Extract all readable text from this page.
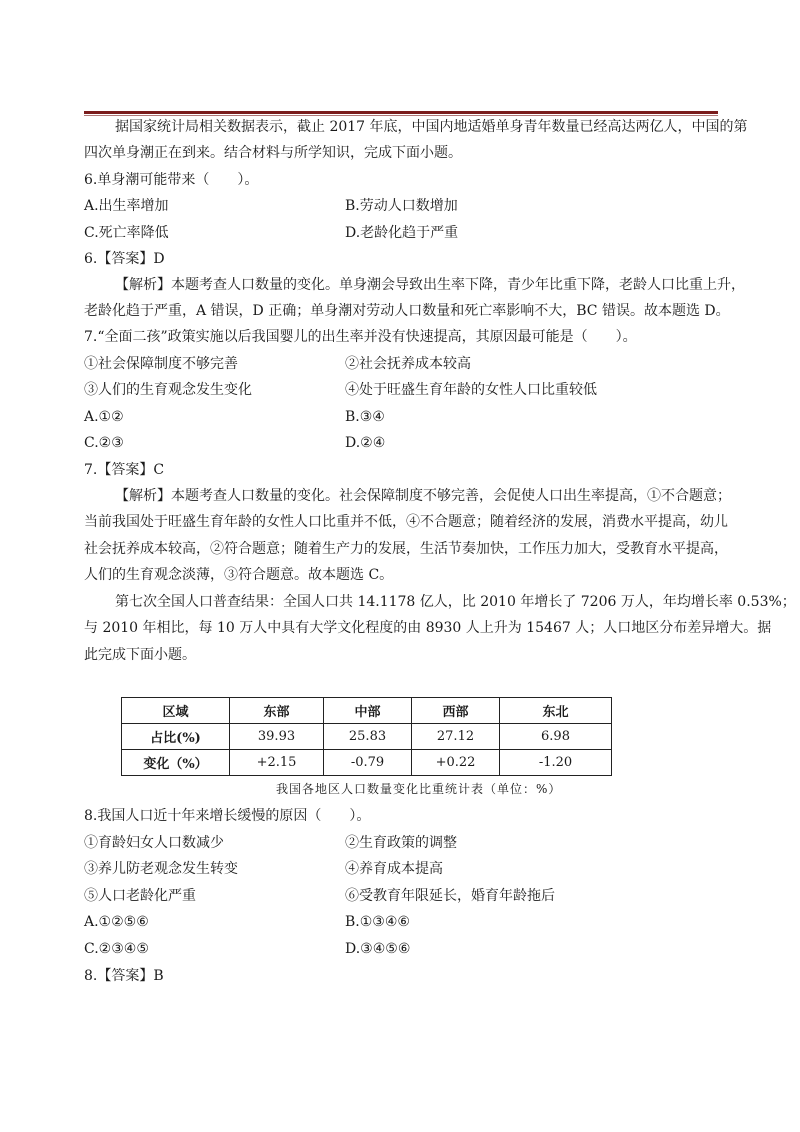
据国家统计局相关数据表示，截止 2017 年底，中国内地适婚单身青年数量已经高达两亿人，中国的第
四次单身潮正在到来。结合材料与所学知识，完成下面小题。
6.单身潮可能带来（　　）。
A.出生率增加	B.劳动人口数增加
C.死亡率降低	D.老龄化趋于严重
6.【答案】D
【解析】本题考查人口数量的变化。单身潮会导致出生率下降，青少年比重下降，老龄人口比重上升，
老龄化趋于严重，A 错误，D 正确；单身潮对劳动人口数量和死亡率影响不大，BC 错误。故本题选 D。
7.“全面二孩”政策实施以后我国婴儿的出生率并没有快速提高，其原因最可能是（　　）。
①社会保障制度不够完善	②社会抚养成本较高
③人们的生育观念发生变化	④处于旺盛生育年龄的女性人口比重较低
A.①②	B.③④
C.②③	D.②④
7.【答案】C
【解析】本题考查人口数量的变化。社会保障制度不够完善，会促使人口出生率提高，①不合题意；
当前我国处于旺盛生育年龄的女性人口比重并不低，④不合题意；随着经济的发展，消费水平提高，幼儿
社会抚养成本较高，②符合题意；随着生产力的发展，生活节奏加快，工作压力加大，受教育水平提高，
人们的生育观念淡薄，③符合题意。故本题选 C。
第七次全国人口普查结果：全国人口共 14.1178 亿人，比 2010 年增长了 7206 万人，年均增长率 0.53%；
与 2010 年相比，每 10 万人中具有大学文化程度的由 8930 人上升为 15467 人；人口地区分布差异增大。据
此完成下面小题。
区域	东部	中部	西部	东北
占比(%)	39.93	25.83	27.12	6.98
变化（%）	+2.15	-0.79	+0.22	-1.20
我国各地区人口数量变化比重统计表（单位：%）
8.我国人口近十年来增长缓慢的原因（　　）。
①育龄妇女人口数减少	②生育政策的调整
③养儿防老观念发生转变	④养育成本提高
⑤人口老龄化严重	⑥受教育年限延长，婚育年龄拖后
A.①②⑤⑥	B.①③④⑥
C.②③④⑤	D.③④⑤⑥
8.【答案】B
